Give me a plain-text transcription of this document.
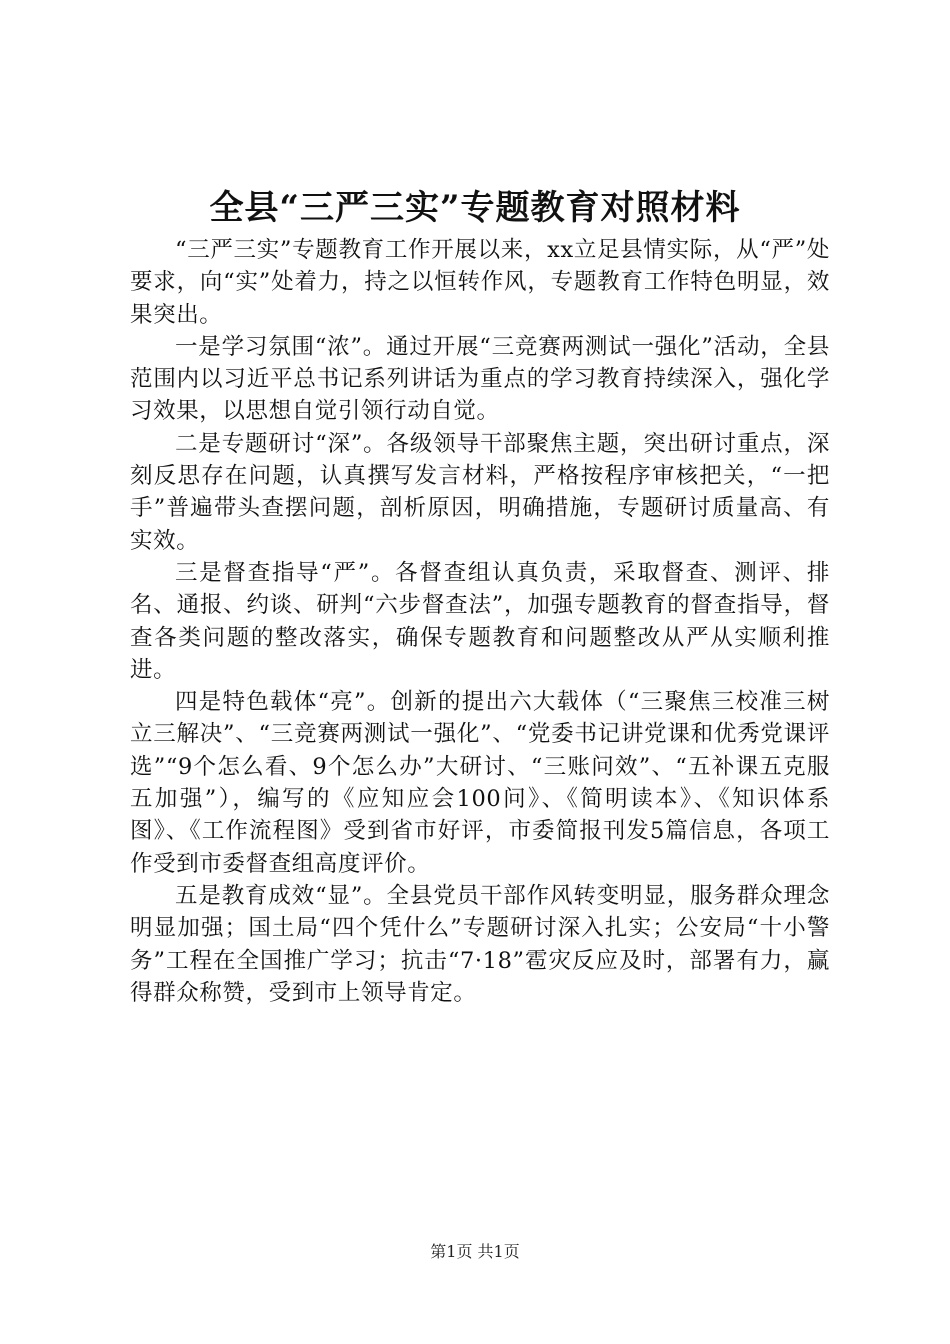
全县“三严三实”专题教育对照材料

“三严三实”专题教育工作开展以来，xx立足县情实际，从“严”处要求，向“实”处着力，持之以恒转作风，专题教育工作特色明显，效果突出。

一是学习氛围“浓”。通过开展“三竞赛两测试一强化”活动，全县范围内以习近平总书记系列讲话为重点的学习教育持续深入，强化学习效果，以思想自觉引领行动自觉。

二是专题研讨“深”。各级领导干部聚焦主题，突出研讨重点，深刻反思存在问题，认真撰写发言材料，严格按程序审核把关，“一把手”普遍带头查摆问题，剖析原因，明确措施，专题研讨质量高、有实效。

三是督查指导“严”。各督查组认真负责，采取督查、测评、排名、通报、约谈、研判“六步督查法”，加强专题教育的督查指导，督查各类问题的整改落实，确保专题教育和问题整改从严从实顺利推进。

四是特色载体“亮”。创新的提出六大载体（“三聚焦三校准三树立三解决”、“三竞赛两测试一强化”、“党委书记讲党课和优秀党课评选”“9个怎么看、9个怎么办”大研讨、“三账问效”、“五补课五克服五加强”），编写的《应知应会100问》、《简明读本》、《知识体系图》、《工作流程图》受到省市好评，市委简报刊发5篇信息，各项工作受到市委督查组高度评价。

五是教育成效“显”。全县党员干部作风转变明显，服务群众理念明显加强；国土局“四个凭什么”专题研讨深入扎实；公安局“十小警务”工程在全国推广学习；抗击“7·18”雹灾反应及时，部署有力，赢得群众称赞，受到市上领导肯定。

第1页 共1页
